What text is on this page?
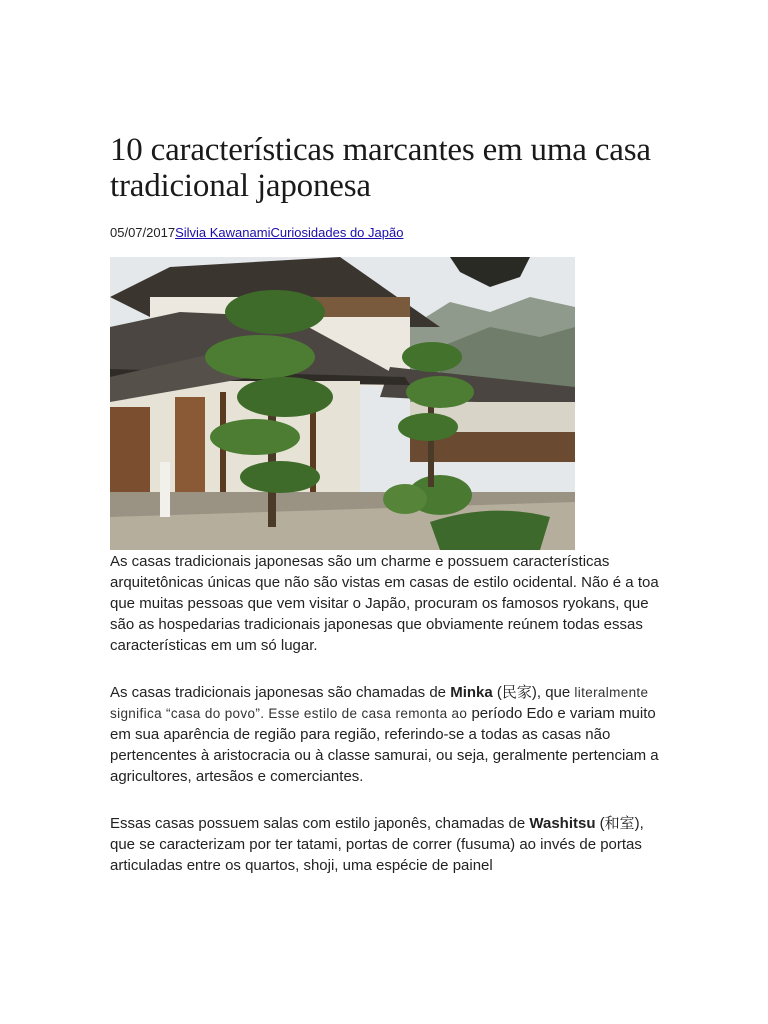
10 características marcantes em uma casa tradicional japonesa
05/07/2017Silvia KawanamiCuriosidades do Japão

As casas tradicionais japonesas são um charme e possuem características arquitetônicas únicas que não são vistas em casas de estilo ocidental. Não é a toa que muitas pessoas que vem visitar o Japão, procuram os famosos ryokans, que são as hospedarias tradicionais japonesas que obviamente reúnem todas essas características em um só lugar.

As casas tradicionais japonesas são chamadas de Minka (民家), que literalmente significa “casa do povo”. Esse estilo de casa remonta ao período Edo e variam muito em sua aparência de região para região, referindo-se a todas as casas não pertencentes à aristocracia ou à classe samurai, ou seja, geralmente pertenciam a agricultores, artesãos e comerciantes.

Essas casas possuem salas com estilo japonês, chamadas de Washitsu (和室), que se caracterizam por ter tatami, portas de correr (fusuma) ao invés de portas articuladas entre os quartos, shoji, uma espécie de painel
